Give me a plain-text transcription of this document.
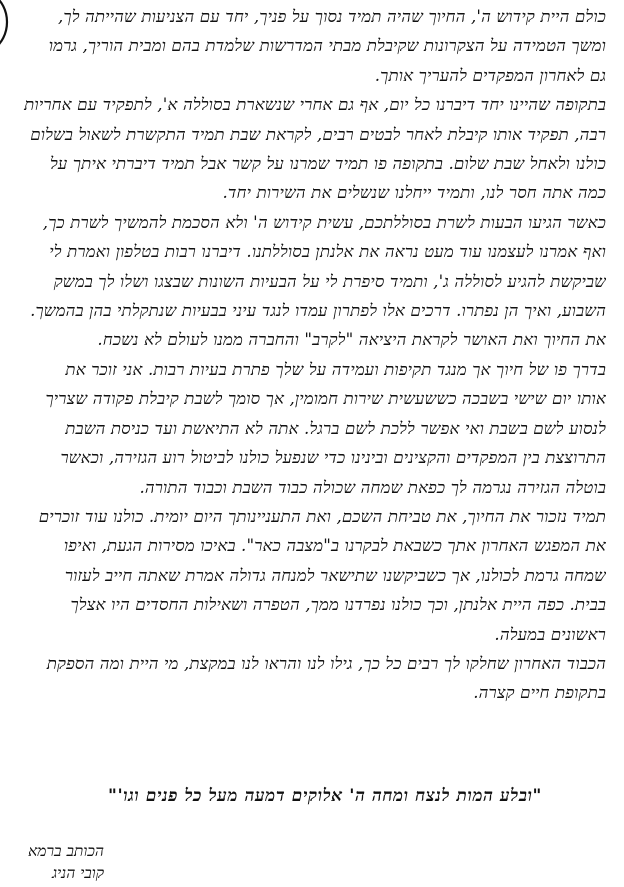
כולם היית קידוש ה', החיוך שהיה תמיד נסוך על פניך, יחד עם הצניעות שהייתה לך,
ומשך הטמידה על הצקרונות שקיבלת מבתי המדרשות שלמדת בהם ומבית הוריך, גרמו
גם לאחרון המפקדים להעריך אותך.
בתקופה שהיינו יחד דיברנו כל יום, אף גם אחרי שנשארת בסוללה א', לתפקיד עם אחריות
רבה, תפקיד אותו קיבלת לאחר לבטים רבים, לקראת שבת תמיד התקשרת לשאול בשלום
כולנו ולאחל שבת שלום. בתקופה פו תמיד שמרנו על קשר אבל תמיד דיברתי איתך על
כמה אתה חסר לנו, ותמיד ייחלנו שנשלים את השירות יחד.
כאשר הגיעו הבעות לשרת בסוללתכם, עשית קידוש ה' ולא הסכמת להמשיך לשרת כך,
ואף אמרנו לעצמנו עוד מעט נראה את אלנתן בסוללתנו. דיברנו רבות בטלפון ואמרת לי
שביקשת להגיע לסוללה ג', ותמיד סיפרת לי על הבעיות השונות שבצגו ושלו לך במשק
השבוע, ואיך הן נפתרו. דרכים אלו לפתרון עמדו לנגד עיני בבעיות שנתקלתי בהן בהמשך.
את החיוך ואת האושר לקראת היציאה "לקרב" והחברה ממנו לעולם לא נשכח.
בדרך פו של חיוך אך מנגד תקיפות ועמידה על שלך פתרת בעיות רבות. אני זוכר את
אותו יום שישי בשבכה כששעשית שירות חמומין, אך סומך לשבת קיבלת פקודה שצריך
לנסוע לשם בשבת ואי אפשר ללכת לשם ברגל. אתה לא התיאשת ועד כניסת השבת
התרוצצת בין המפקדים והקצינים ובינינו כדי שנפעל כולנו לביטול רוע הגזירה, וכאשר
בוטלה הגזירה נגרמה לך כפאת שמחה שכולה כבוד השבת וכבוד התורה.
תמיד נזכור את החיוך, את טביחת השכם, ואת התעניינותך היום יומית. כולנו עוד זוכרים
את המפגש האחרון אתך כשבאת לבקרנו ב"מצבה כאר". באיכו מסירות הגעת, ואיפו
שמחה גרמת לכולנו, אך כשביקשנו שתישאר למנחה גדולה אמרת שאתה חייב לעזור
בבית. כפה היית אלנתן, וכך כולנו נפרדנו ממך, הטפרה ושאילות החסדים היו אצלך
ראשונים במעלה.
הכבוד האחרון שחלקו לך רבים כל כך, גילו לנו והראו לנו במקצת, מי היית ומה הספקת
בתקופת חיים קצרה.
"ובלע המות לנצח ומחה ה' אלוקים דמעה מעל כל פנים וגו'"
הכותב ברמא
קובי הניג
